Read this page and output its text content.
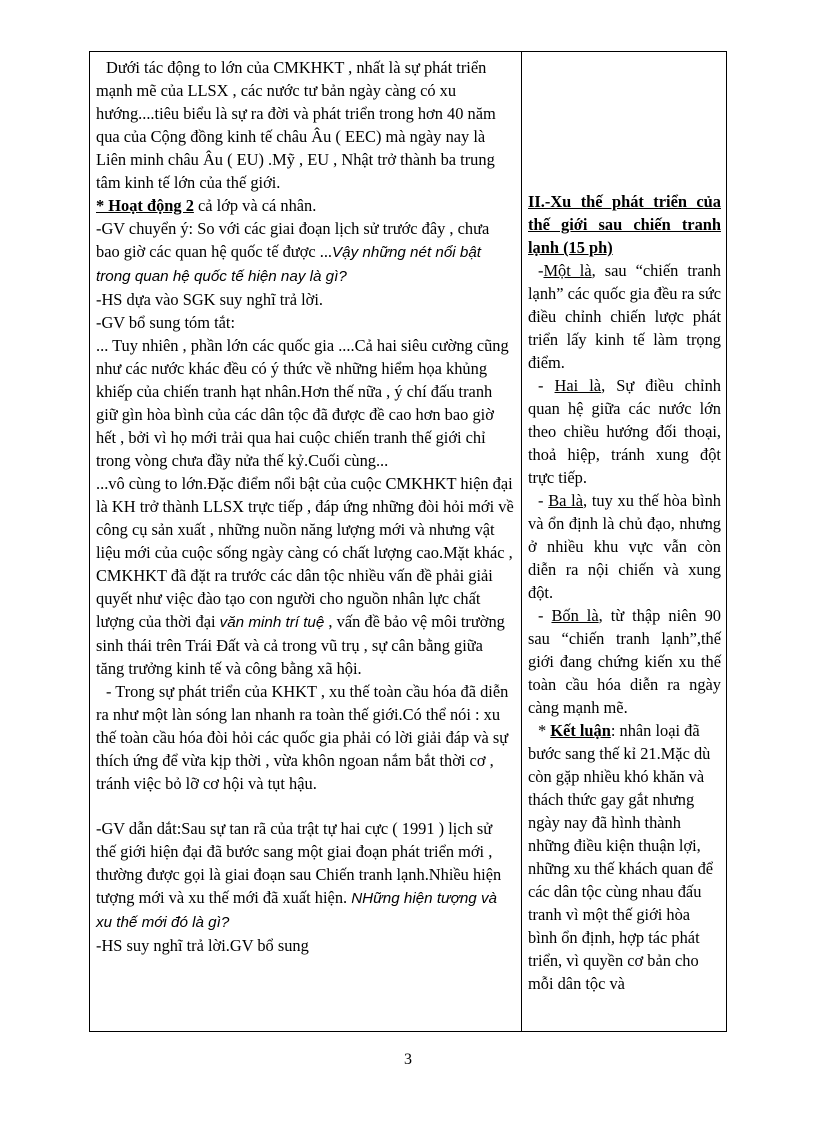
Dưới tác động to lớn của CMKHKT , nhất là sự phát triển mạnh mẽ của LLSX , các nước tư bản ngày càng có xu hướng....tiêu biểu là sự ra đời và phát triển trong hơn 40 năm qua của Cộng đồng kinh tế châu Âu ( EEC) mà ngày nay là Liên minh châu Âu ( EU) .Mỹ , EU , Nhật trở thành ba trung tâm kinh tế lớn của thế giới.

* Hoạt động 2 cả lớp và cá nhân.

-GV chuyển ý: So với các giai đoạn lịch sử trước đây , chưa bao giờ các quan hệ quốc tế được ...Vậy những nét nổi bật trong quan hệ quốc tế hiện nay là gì?

-HS dựa vào SGK suy nghĩ trả lời.

-GV bổ sung tóm tắt:

... Tuy nhiên , phần lớn các quốc gia ....Cả hai siêu cường cũng như các nước khác đều có ý thức về những hiểm họa khủng khiếp của chiến tranh hạt nhân.Hơn thế nữa , ý chí đấu tranh giữ gìn hòa bình của các dân tộc đã được đề cao hơn bao giờ hết , bởi vì họ mới trải qua hai cuộc chiến tranh thế giới chỉ trong vòng chưa đầy nửa thế kỷ.Cuối cùng...

...vô cùng to lớn.Đặc điểm nổi bật của cuộc CMKHKT hiện đại là KH trở thành LLSX trực tiếp , đáp ứng những đòi hỏi mới về công cụ sản xuất , những nuồn năng lượng mới và nhưng vật liệu mới của cuộc sống ngày càng có chất lượng cao.Mặt khác , CMKHKT đã đặt ra trước các dân tộc nhiều vấn đề phải giải quyết như việc đào tạo con người cho nguồn nhân lực chất lượng của thời đại văn minh trí tuệ , vấn đề bảo vệ môi trường sinh thái trên Trái Đất và cả trong vũ trụ , sự cân bằng giữa tăng trưởng kinh tế và công bằng xã hội.

- Trong sự phát triển của KHKT , xu thế toàn cầu hóa đã diễn ra như một làn sóng lan nhanh ra toàn thế giới.Có thể nói : xu thế toàn cầu hóa đòi hỏi các quốc gia phải có lời giải đáp và sự thích ứng để vừa kịp thời , vừa khôn ngoan nắm bắt thời cơ , tránh việc bỏ lỡ cơ hội và tụt hậu.

-GV dẫn dắt:Sau sự tan rã của trật tự hai cực ( 1991 ) lịch sử thế giới hiện đại đã bước sang một giai đoạn phát triển mới , thường được gọi là giai đoạn sau Chiến tranh lạnh.Nhiều hiện tượng mới và xu thế mới đã xuất hiện. NHững hiện tượng và xu thế mới đó là gì?

-HS suy nghĩ trả lời.GV bổ sung

II.-Xu thế phát triển của thế giới sau chiến tranh lạnh (15 ph)

-Một là, sau “chiến tranh lạnh” các quốc gia đều ra sức điều chỉnh chiến lược phát triển lấy kinh tế làm trọng điểm.

- Hai là, Sự điều chỉnh quan hệ giữa các nước lớn theo chiều hướng đối thoại, thoả hiệp, tránh xung đột trực tiếp.

- Ba là, tuy xu thế hòa bình và ổn định là chủ đạo, nhưng ở nhiều khu vực vẫn còn diễn ra nội chiến và xung đột.

- Bốn là, từ thập niên 90 sau “chiến tranh lạnh”,thế giới đang chứng kiến xu thế toàn cầu hóa diễn ra ngày càng mạnh mẽ.

* Kết luận: nhân loại đã bước sang thế kỉ 21.Mặc dù còn gặp nhiều khó khăn và thách thức gay gắt nhưng ngày nay đã hình thành những điều kiện thuận lợi, những xu thế khách quan để các dân tộc cùng nhau đấu tranh vì một thế giới hòa bình ổn định, hợp tác phát triển, vì quyền cơ bản cho mỗi dân tộc và

3
